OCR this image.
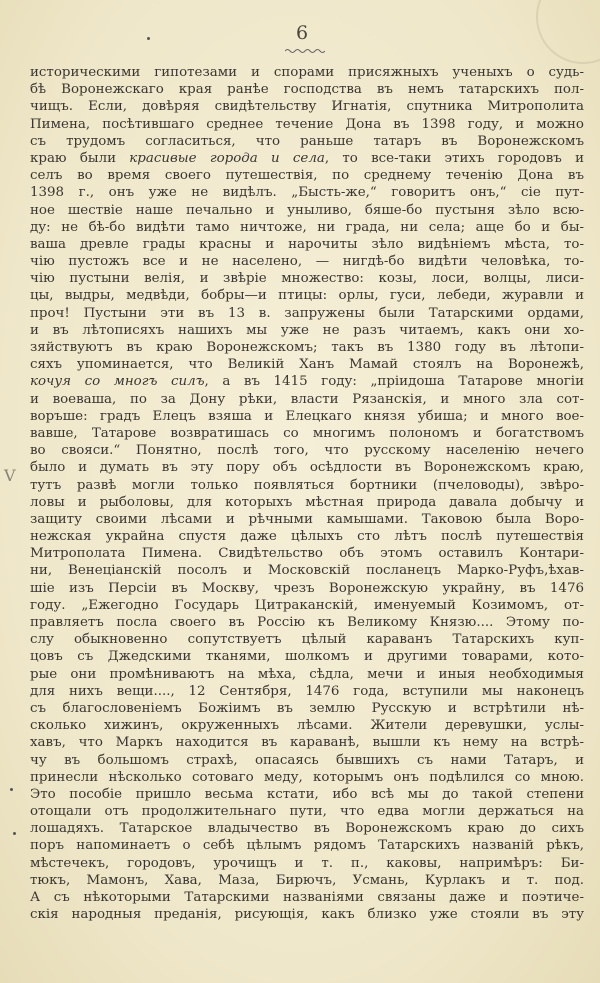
6
V
историческими гипотезами и спорами присяжныхъ ученыхъ о судь-
бѣ Воронежскаго края ранѣе господства въ немъ татарскихъ пол-
чищъ. Если, довѣряя свидѣтельству Игнатія, спутника Митрополита
Пимена, посѣтившаго среднее течение Дона въ 1398 году, и можно
съ трудомъ согласиться, что раньше татаръ въ Воронежскомъ
краю были красивые города и села, то все-таки этихъ городовъ и
селъ во время своего путешествія, по среднему теченію Дона въ
1398 г., онъ уже не видѣлъ. „Бысть-же,“ говоритъ онъ,“ сіе пут-
ное шествіе наше печально и уныливо, бяше-бо пустыня зѣло всю-
ду: не бѣ-бо видѣти тамо ничтоже, ни града, ни села; аще бо и бы-
ваша древле грады красны и нарочиты зѣло видѣніемъ мѣста, то-
чію пустожъ все и не населено, — нигдѣ-бо видѣти человѣка, то-
чію пустыни велія, и звѣріе множество: козы, лоси, волцы, лиси-
цы, выдры, медвѣди, бобры—и птицы: орлы, гуси, лебеди, журавли и
проч! Пустыни эти въ 13 в. запружены были Татарскими ордами,
и въ лѣтописяхъ нашихъ мы уже не разъ читаемъ, какъ они хо-
зяйствуютъ въ краю Воронежскомъ; такъ въ 1380 году въ лѣтопи-
сяхъ упоминается, что Великій Ханъ Мамай стоялъ на Воронежѣ,
кочуя со многъ силъ, а въ 1415 году: „пріидоша Татарове многіи
и воеваша, по за Дону рѣки, власти Рязанскія, и много зла сот-
воръше: градъ Елецъ взяша и Елецкаго князя убиша; и много вое-
вавше, Татарове возвратишась со многимъ полономъ и богатствомъ
во свояси.“ Понятно, послѣ того, что русскому населенію нечего
было и думать въ эту пору объ осѣдлости въ Воронежскомъ краю,
тутъ развѣ могли только появляться бортники (пчеловоды), звѣро-
ловы и рыболовы, для которыхъ мѣстная природа давала добычу и
защиту своими лѣсами и рѣчными камышами. Таковою была Воро-
нежская украйна спустя даже цѣлыхъ сто лѣтъ послѣ путешествія
Митрополата Пимена. Свидѣтельство объ этомъ оставилъ Контари-
ни, Венеціанскій посолъ и Московскій посланецъ Марко-Руфъ,ѣхав-
шіе изъ Персіи въ Москву, чрезъ Воронежскую украйну, въ 1476
году. „Ежегодно Государь Цитраканскій, именуемый Козимомъ, от-
правляетъ посла своего въ Россію къ Великому Князю.... Этому по-
слу обыкновенно сопутствуетъ цѣлый караванъ Татарскихъ куп-
цовъ съ Джедскими тканями, шолкомъ и другими товарами, кото-
рые они промѣниваютъ на мѣха, сѣдла, мечи и иныя необходимыя
для нихъ вещи...., 12 Сентября, 1476 года, вступили мы наконецъ
съ благословеніемъ Божіимъ въ землю Русскую и встрѣтили нѣ-
сколько хижинъ, окруженныхъ лѣсами. Жители деревушки, услы-
хавъ, что Маркъ находится въ караванѣ, вышли къ нему на встрѣ-
чу въ большомъ страхѣ, опасаясь бывшихъ съ нами Татаръ, и
принесли нѣсколько сотоваго меду, которымъ онъ подѣлился со мною.
Это пособіе пришло весьма кстати, ибо всѣ мы до такой степени
отощали отъ продолжительнаго пути, что едва могли держаться на
лошадяхъ. Татарское владычество въ Воронежскомъ краю до сихъ
поръ напоминаетъ о себѣ цѣлымъ рядомъ Татарскихъ названій рѣкъ,
мѣстечекъ, городовъ, урочищъ и т. п., каковы, напримѣръ: Би-
тюкъ, Мамонъ, Хава, Маза, Бирючъ, Усмань, Курлакъ и т. под.
А съ нѣкоторыми Татарскими названіями связаны даже и поэтиче-
скія народныя преданія, рисующія, какъ близко уже стояли въ эту
